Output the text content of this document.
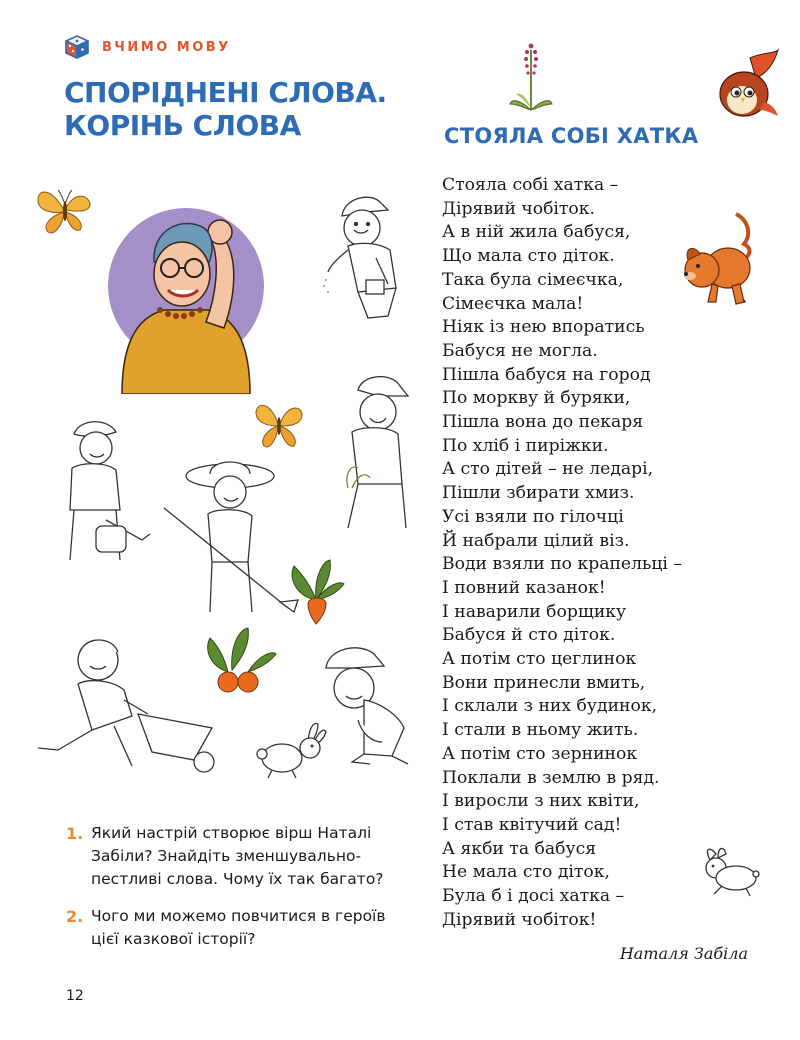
ВЧИМО МОВУ
СПОРІДНЕНІ СЛОВА.
КОРІНЬ СЛОВА	СТОЯЛА СОБІ ХАТКА
Стояла собі хатка –
Дірявий чобіток.
А в ній жила бабуся,
Що мала сто діток.
Така була сімеєчка,
Сімеєчка мала!
Ніяк із нею впоратись
Бабуся не могла.
Пішла бабуся на город
По моркву й буряки,
Пішла вона до пекаря
По хліб і пиріжки.
А сто дітей – не ледарі,
Пішли збирати хмиз.
Усі взяли по гілочці
Й набрали цілий віз.
Води взяли по крапельці –
І повний казанок!
І наварили борщику
Бабуся й сто діток.
А потім сто цеглинок
Вони принесли вмить,
І склали з них будинок,
І стали в ньому жить.
А потім сто зернинок
Поклали в землю в ряд.
І виросли з них квіти,
І став квітучий сад!
А якби та бабуся
Не мала сто діток,
Була б і досі хатка –
Дірявий чобіток!
Наталя Забіла
1. Який настрій створює вірш Наталі Забіли? Знайдіть зменшувально-пестливі слова. Чому їх так багато?
2. Чого ми можемо повчитися в героїв цієї казкової історії?
12
